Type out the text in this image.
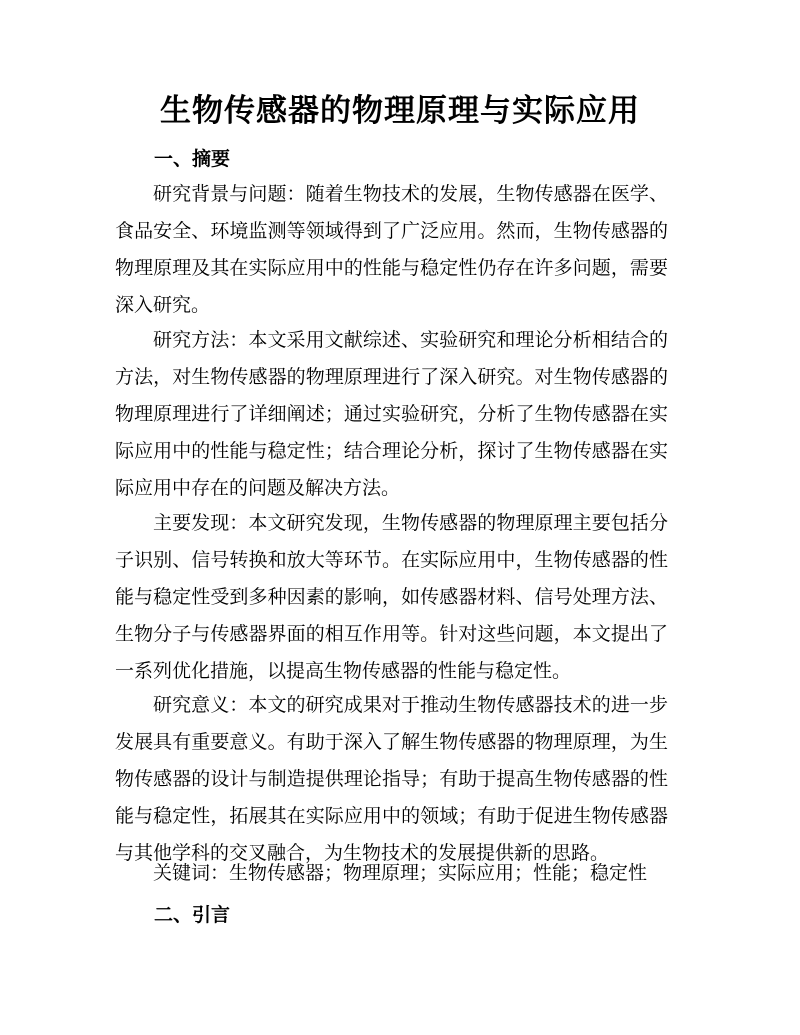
生物传感器的物理原理与实际应用
一、摘要

研究背景与问题：随着生物技术的发展，生物传感器在医学、食品安全、环境监测等领域得到了广泛应用。然而，生物传感器的物理原理及其在实际应用中的性能与稳定性仍存在许多问题，需要深入研究。

研究方法：本文采用文献综述、实验研究和理论分析相结合的方法，对生物传感器的物理原理进行了深入研究。对生物传感器的物理原理进行了详细阐述；通过实验研究，分析了生物传感器在实际应用中的性能与稳定性；结合理论分析，探讨了生物传感器在实际应用中存在的问题及解决方法。

主要发现：本文研究发现，生物传感器的物理原理主要包括分子识别、信号转换和放大等环节。在实际应用中，生物传感器的性能与稳定性受到多种因素的影响，如传感器材料、信号处理方法、生物分子与传感器界面的相互作用等。针对这些问题，本文提出了一系列优化措施，以提高生物传感器的性能与稳定性。

研究意义：本文的研究成果对于推动生物传感器技术的进一步发展具有重要意义。有助于深入了解生物传感器的物理原理，为生物传感器的设计与制造提供理论指导；有助于提高生物传感器的性能与稳定性，拓展其在实际应用中的领域；有助于促进生物传感器与其他学科的交叉融合，为生物技术的发展提供新的思路。

关键词：生物传感器；物理原理；实际应用；性能；稳定性

二、引言
